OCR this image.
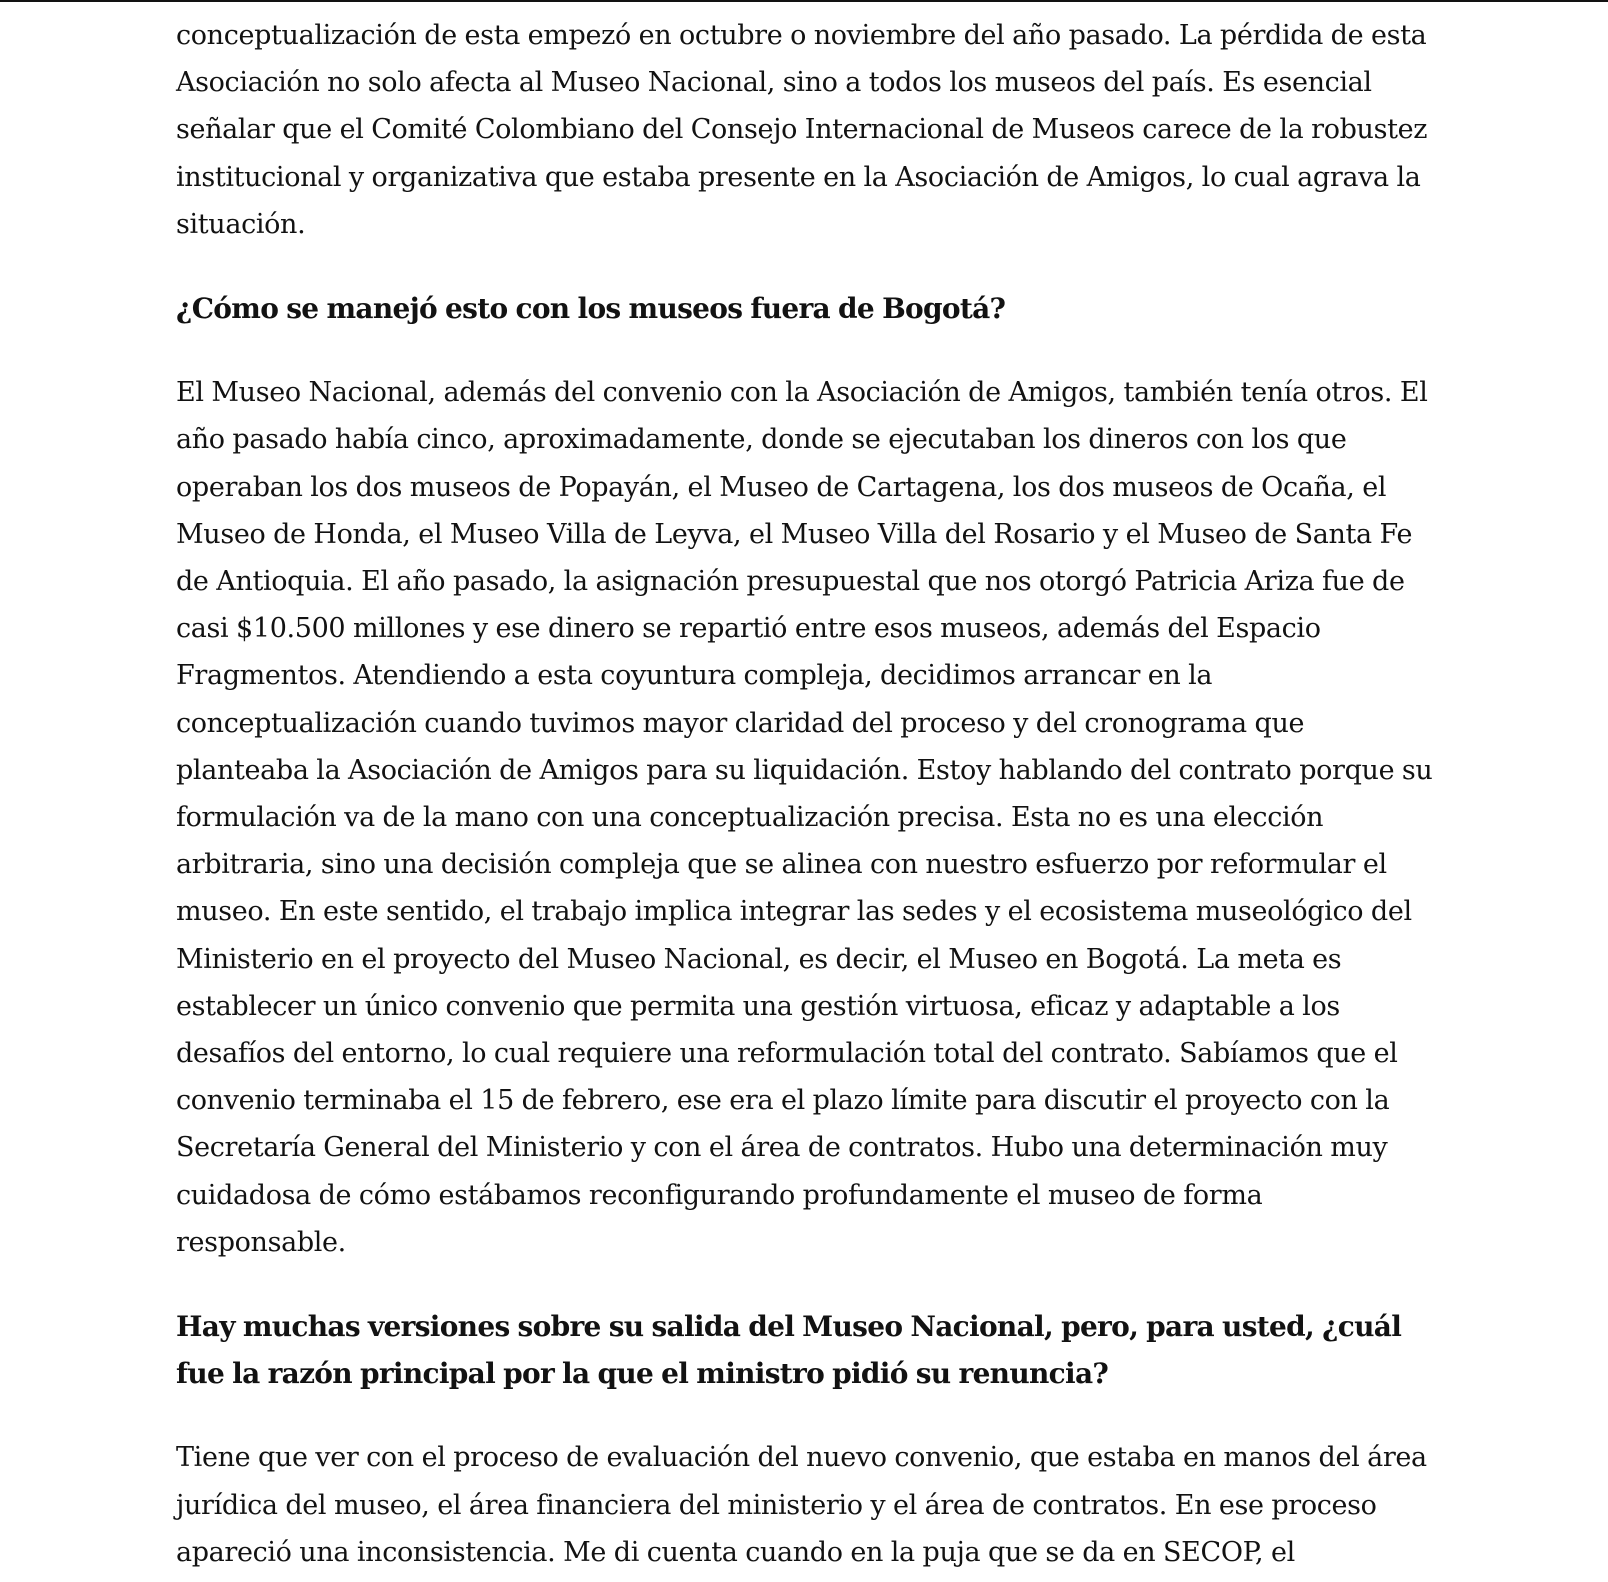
conceptualización de esta empezó en octubre o noviembre del año pasado. La pérdida de esta Asociación no solo afecta al Museo Nacional, sino a todos los museos del país. Es esencial señalar que el Comité Colombiano del Consejo Internacional de Museos carece de la robustez institucional y organizativa que estaba presente en la Asociación de Amigos, lo cual agrava la situación.

¿Cómo se manejó esto con los museos fuera de Bogotá?

El Museo Nacional, además del convenio con la Asociación de Amigos, también tenía otros. El año pasado había cinco, aproximadamente, donde se ejecutaban los dineros con los que operaban los dos museos de Popayán, el Museo de Cartagena, los dos museos de Ocaña, el Museo de Honda, el Museo Villa de Leyva, el Museo Villa del Rosario y el Museo de Santa Fe de Antioquia. El año pasado, la asignación presupuestal que nos otorgó Patricia Ariza fue de casi $10.500 millones y ese dinero se repartió entre esos museos, además del Espacio Fragmentos. Atendiendo a esta coyuntura compleja, decidimos arrancar en la conceptualización cuando tuvimos mayor claridad del proceso y del cronograma que planteaba la Asociación de Amigos para su liquidación. Estoy hablando del contrato porque su formulación va de la mano con una conceptualización precisa. Esta no es una elección arbitraria, sino una decisión compleja que se alinea con nuestro esfuerzo por reformular el museo. En este sentido, el trabajo implica integrar las sedes y el ecosistema museológico del Ministerio en el proyecto del Museo Nacional, es decir, el Museo en Bogotá. La meta es establecer un único convenio que permita una gestión virtuosa, eficaz y adaptable a los desafíos del entorno, lo cual requiere una reformulación total del contrato. Sabíamos que el convenio terminaba el 15 de febrero, ese era el plazo límite para discutir el proyecto con la Secretaría General del Ministerio y con el área de contratos. Hubo una determinación muy cuidadosa de cómo estábamos reconfigurando profundamente el museo de forma responsable.

Hay muchas versiones sobre su salida del Museo Nacional, pero, para usted, ¿cuál fue la razón principal por la que el ministro pidió su renuncia?

Tiene que ver con el proceso de evaluación del nuevo convenio, que estaba en manos del área jurídica del museo, el área financiera del ministerio y el área de contratos. En ese proceso apareció una inconsistencia. Me di cuenta cuando en la puja que se da en SECOP, el
